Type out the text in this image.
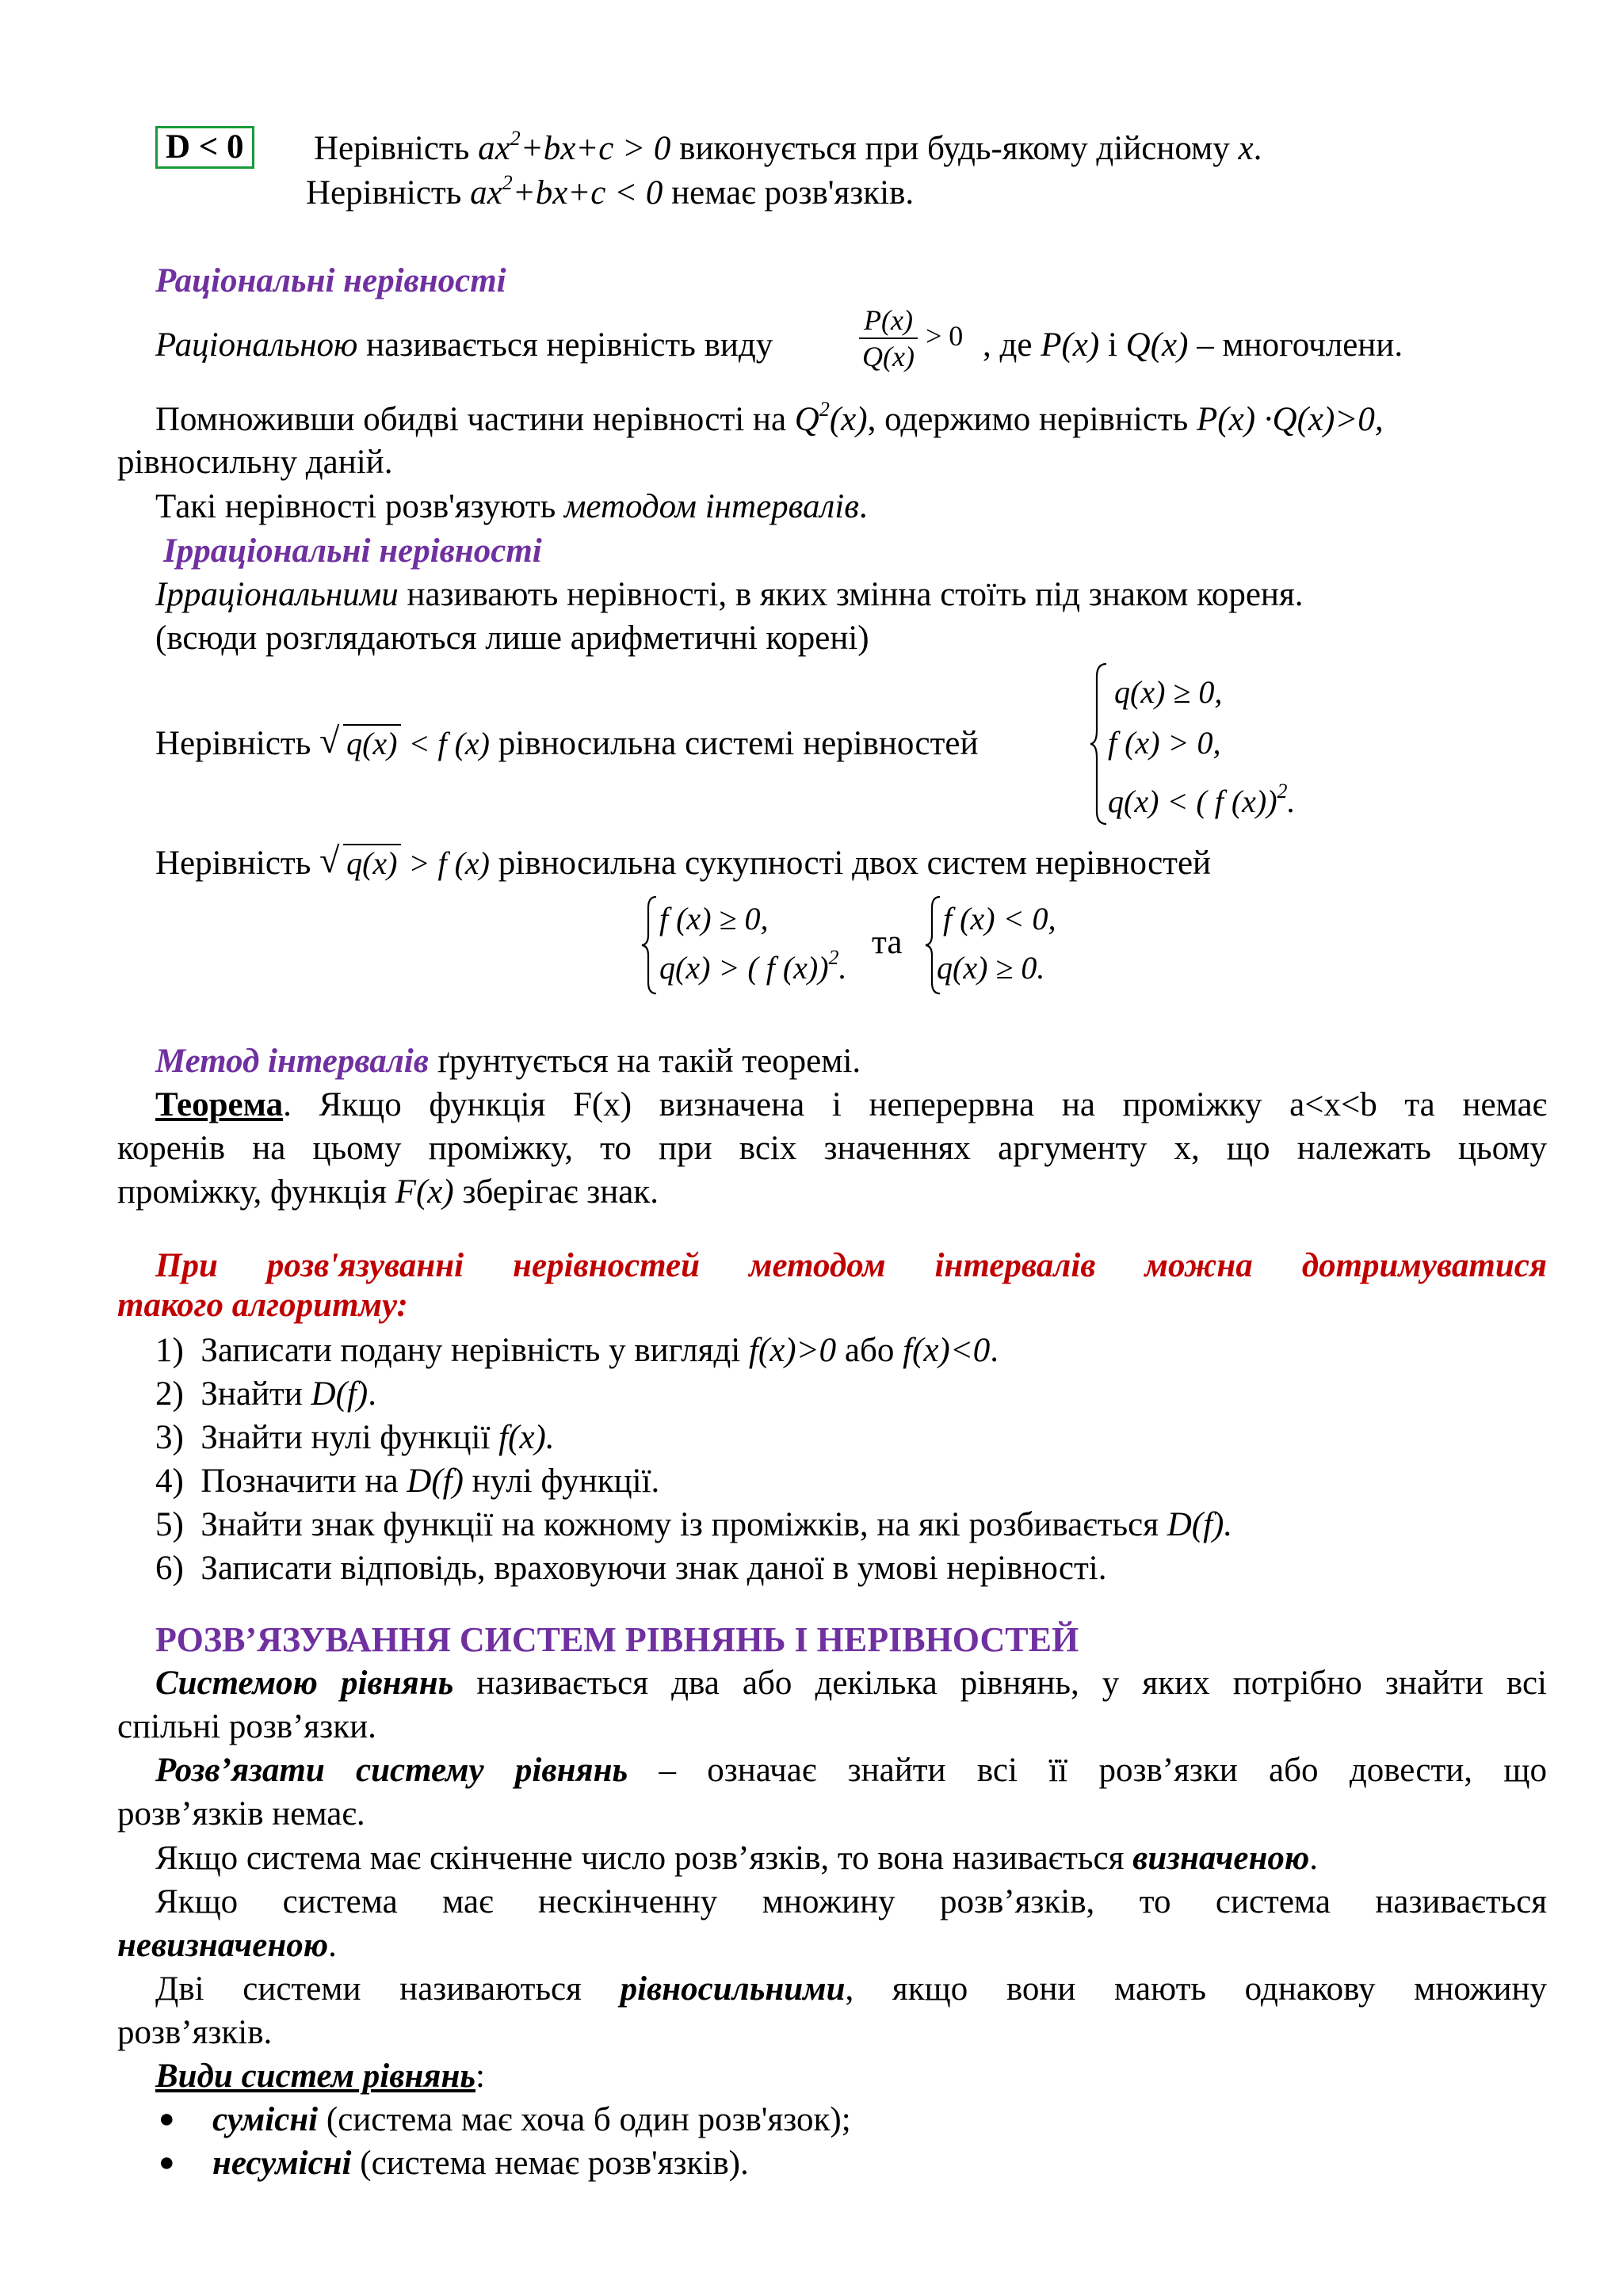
D < 0	Нерівність $ax^2+bx+c > 0$ виконується при будь-якому дійсному x.
Нерівність $ax^2+bx+c < 0$ немає розв'язків.
Раціональні нерівності
Раціональною називається нерівність виду	$\frac{P(x)}{Q(x)} > 0$ , де P(x) і Q(x) – многочлени.
Помноживши обидві частини нерівності на $Q^2(x)$, одержимо нерівність P(x) ·Q(x)>0,
рівносильну даній.
Такі нерівності розв'язують методом інтервалів.
Ірраціональні нерівності
Ірраціональними називають нерівності, в яких змінна стоїть під знаком кореня.
(всюди розглядаються лише арифметичні корені)
Нерівність √ q(x) < f (x) рівносильна системі нерівностей
q(x) ≥ 0,
f (x) > 0,
q(x) < ( f (x))$^2$.
Нерівність √ q(x) > f (x) рівносильна сукупності двох систем нерівностей
f (x) ≥ 0,
q(x) > ( f (x))$^2$.
та
f (x) < 0,
q(x) ≥ 0.
Метод інтервалів ґрунтується на такій теоремі.
Теорема. Якщо функція F(x) визначена і неперервна на проміжку a<x<b та немає
коренів на цьому проміжку, то при всіх значеннях аргументу x, що належать цьому
проміжку, функція F(x) зберігає знак.
При розв'язуванні нерівностей методом інтервалів можна дотримуватися
такого алгоритму:
1) Записати подану нерівність у вигляді f(x)>0 або f(x)<0.
2) Знайти D(f).
3) Знайти нулі функції f(x).
4) Позначити на D(f) нулі функції.
5) Знайти знак функції на кожному із проміжків, на які розбивається D(f).
6) Записати відповідь, враховуючи знак даної в умові нерівності.
РОЗВ’ЯЗУВАННЯ СИСТЕМ РІВНЯНЬ І НЕРІВНОСТЕЙ
Системою рівнянь називається два або декілька рівнянь, у яких потрібно знайти всі
спільні розв’язки.
Розв’язати систему рівнянь – означає знайти всі її розв’язки або довести, що
розв’язків немає.
Якщо система має скінченне число розв’язків, то вона називається визначеною.
Якщо система має нескінченну множину розв’язків, то система називається
невизначеною.
Дві системи називаються рівносильними, якщо вони мають однакову множину
розв’язків.
Види систем рівнянь:
● сумісні (система має хоча б один розв'язок);
● несумісні (система немає розв'язків).
